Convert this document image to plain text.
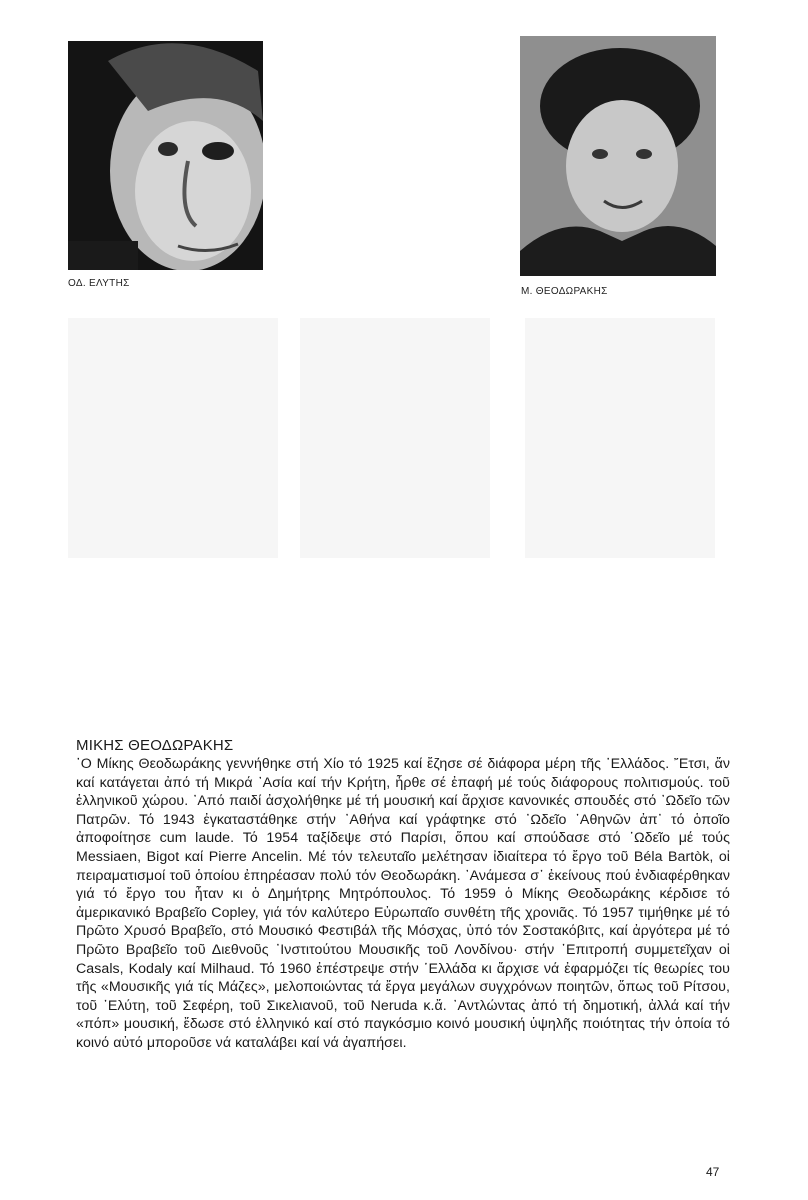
ΟΔ. ΕΛΥΤΗΣ
Μ. ΘΕΟΔΩΡΑΚΗΣ
ΜΙΚΗΣ ΘΕΟΔΩΡΑΚΗΣ

῾Ο Μίκης Θεοδωράκης γεννήθηκε στή Χίο τό 1925 καί ἔζησε σέ διάφορα μέρη τῆς ῾Ελλάδος. ῎Ετσι, ἄν καί κατάγεται ἀπό τή Μικρά ᾿Ασία καί τήν Κρήτη, ἦρθε σέ ἐπαφή μέ τούς διάφορους πολιτισμούς. τοῦ ἑλληνικοῦ χώρου. ᾿Από παιδί ἀσχολήθηκε μέ τή μουσική καί ἄρχισε κανονικές σπουδές στό ᾿Ωδεῖο τῶν Πατρῶν. Τό 1943 ἐγκαταστάθηκε στήν ᾿Αθήνα καί γράφτηκε στό ᾿Ωδεῖο ᾿Αθηνῶν ἀπ᾿ τό ὁποῖο ἀποφοίτησε cum laude. Τό 1954 ταξίδεψε στό Παρίσι, ὅπου καί σπούδασε στό ᾿Ωδεῖο μέ τούς Messiaen, Bigot καί Pierre Ancelin. Μέ τόν τελευταῖο μελέτησαν ἰδιαίτερα τό ἔργο τοῦ Béla Bartòk, οἱ πειραματισμοί τοῦ ὁποίου ἐπηρέασαν πολύ τόν Θεοδωράκη. ᾿Ανάμεσα σ᾿ ἐκείνους πού ἐνδιαφέρθηκαν γιά τό ἔργο του ἦταν κι ὁ Δημήτρης Μητρόπουλος. Τό 1959 ὁ Μίκης Θεοδωράκης κέρδισε τό ἀμερικανικό Βραβεῖο Copley, γιά τόν καλύτερο Εὐρωπαῖο συνθέτη τῆς χρονιᾶς. Τό 1957 τιμήθηκε μέ τό Πρῶτο Χρυσό Βραβεῖο, στό Μουσικό Φεστιβάλ τῆς Μόσχας, ὑπό τόν Σοστακόβιτς, καί ἀργότερα μέ τό Πρῶτο Βραβεῖο τοῦ Διεθνοῦς ᾿Ινστιτούτου Μουσικῆς τοῦ Λονδίνου· στήν ᾿Επιτροπή συμμετεῖχαν οἱ Casals, Kodaly καί Milhaud. Τό 1960 ἐπέστρεψε στήν ῾Ελλάδα κι ἄρχισε νά ἐφαρμόζει τίς θεωρίες του τῆς «Μουσικῆς γιά τίς Μάζες», μελοποιώντας τά ἔργα μεγάλων συγχρόνων ποιητῶν, ὅπως τοῦ Ρίτσου, τοῦ ᾿Ελύτη, τοῦ Σεφέρη, τοῦ Σικελιανοῦ, τοῦ Neruda κ.ἄ. ᾿Αντλώντας ἀπό τή δημοτική, ἀλλά καί τήν «πόπ» μουσική, ἔδωσε στό ἑλληνικό καί στό παγκόσμιο κοινό μουσική ὑψηλῆς ποιότητας τήν ὁποία τό κοινό αὐτό μποροῦσε νά καταλάβει καί νά ἀγαπήσει.

47
